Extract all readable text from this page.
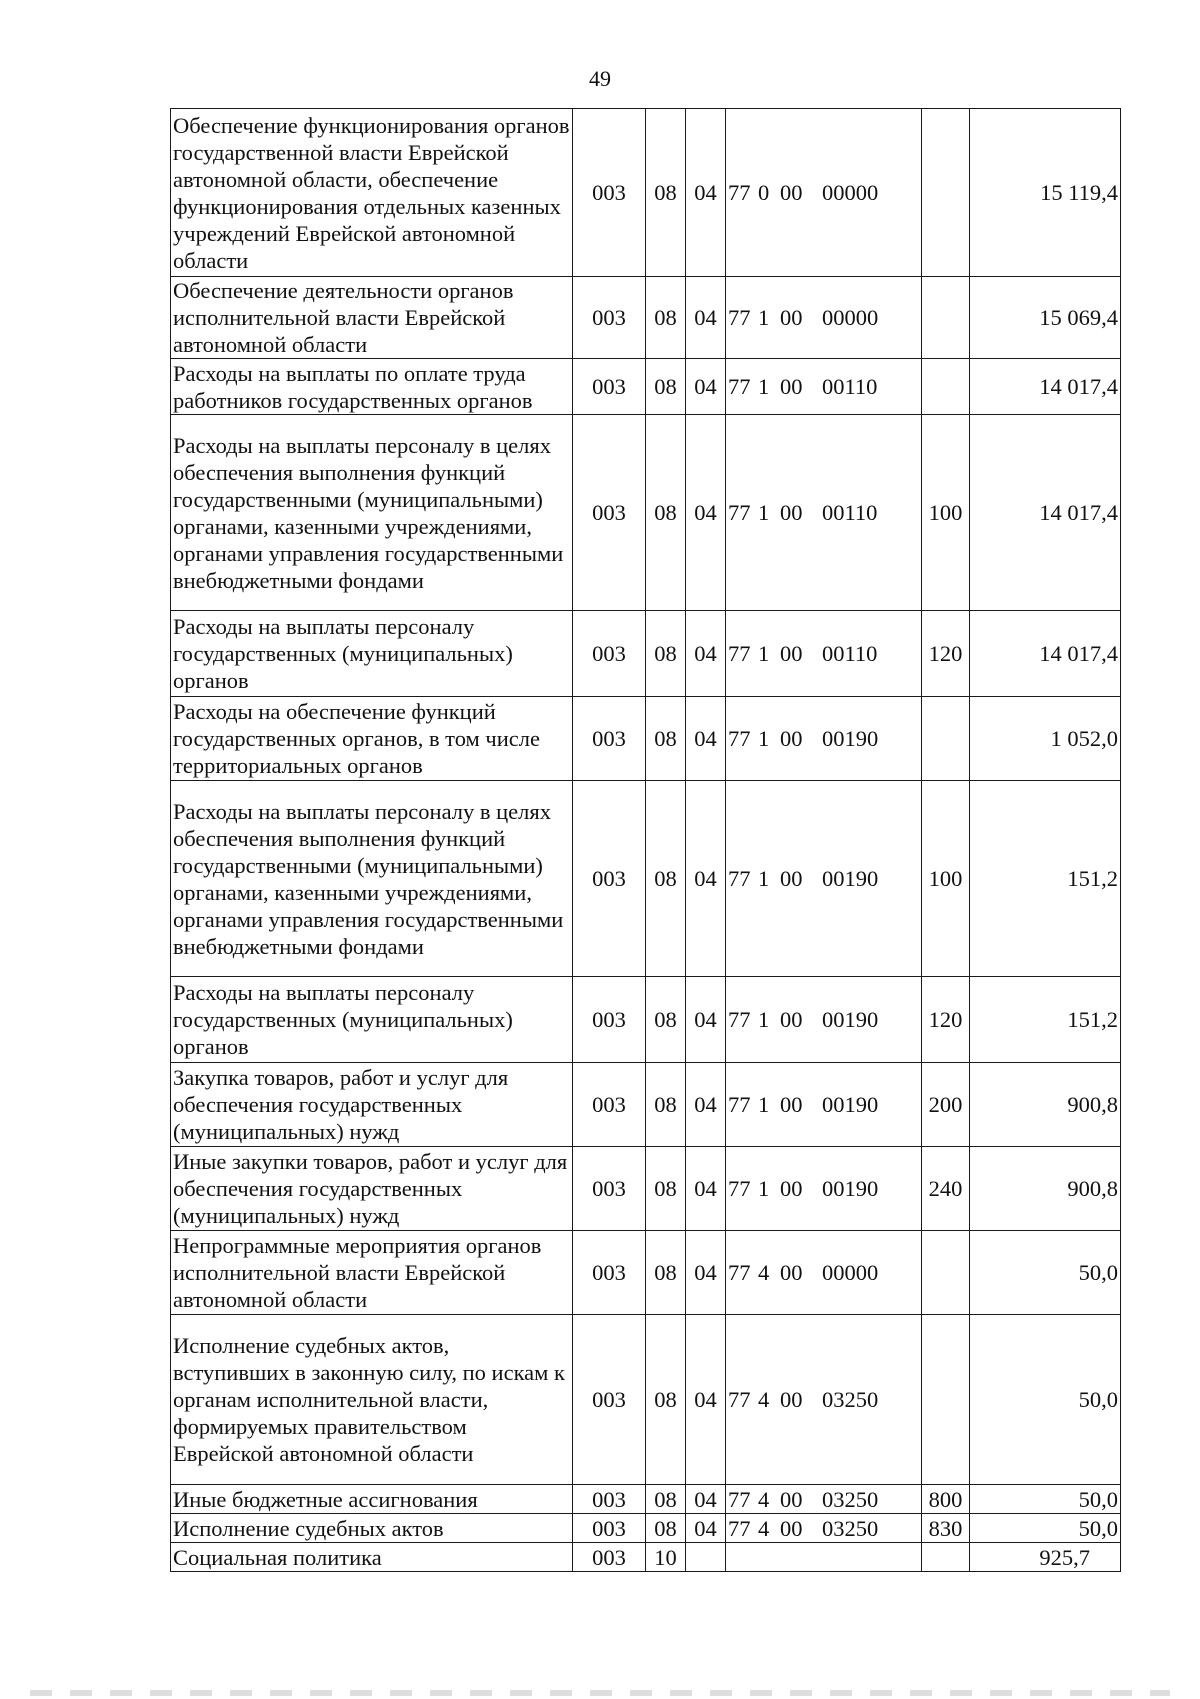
49
Обеспечение функционирования органов государственной власти Еврейской автономной области, обеспечение функционирования отдельных казенных учреждений Еврейской автономной области	003	08	04	77 0 00 00000		15 119,4
Обеспечение деятельности органов исполнительной власти Еврейской автономной области	003	08	04	77 1 00 00000		15 069,4
Расходы на выплаты по оплате труда работников государственных органов	003	08	04	77 1 00 00110		14 017,4
Расходы на выплаты персоналу в целях обеспечения выполнения функций государственными (муниципальными) органами, казенными учреждениями, органами управления государственными внебюджетными фондами	003	08	04	77 1 00 00110	100	14 017,4
Расходы на выплаты персоналу государственных (муниципальных) органов	003	08	04	77 1 00 00110	120	14 017,4
Расходы на обеспечение функций государственных органов, в том числе территориальных органов	003	08	04	77 1 00 00190		1 052,0
Расходы на выплаты персоналу в целях обеспечения выполнения функций государственными (муниципальными) органами, казенными учреждениями, органами управления государственными внебюджетными фондами	003	08	04	77 1 00 00190	100	151,2
Расходы на выплаты персоналу государственных (муниципальных) органов	003	08	04	77 1 00 00190	120	151,2
Закупка товаров, работ и услуг для обеспечения государственных (муниципальных) нужд	003	08	04	77 1 00 00190	200	900,8
Иные закупки товаров, работ и услуг для обеспечения государственных (муниципальных) нужд	003	08	04	77 1 00 00190	240	900,8
Непрограммные мероприятия органов исполнительной власти Еврейской автономной области	003	08	04	77 4 00 00000		50,0
Исполнение судебных актов, вступивших в законную силу, по искам к органам исполнительной власти, формируемых правительством Еврейской автономной области	003	08	04	77 4 00 03250		50,0
Иные бюджетные ассигнования	003	08	04	77 4 00 03250	800	50,0
Исполнение судебных актов	003	08	04	77 4 00 03250	830	50,0
Социальная политика	003	10				925,7
